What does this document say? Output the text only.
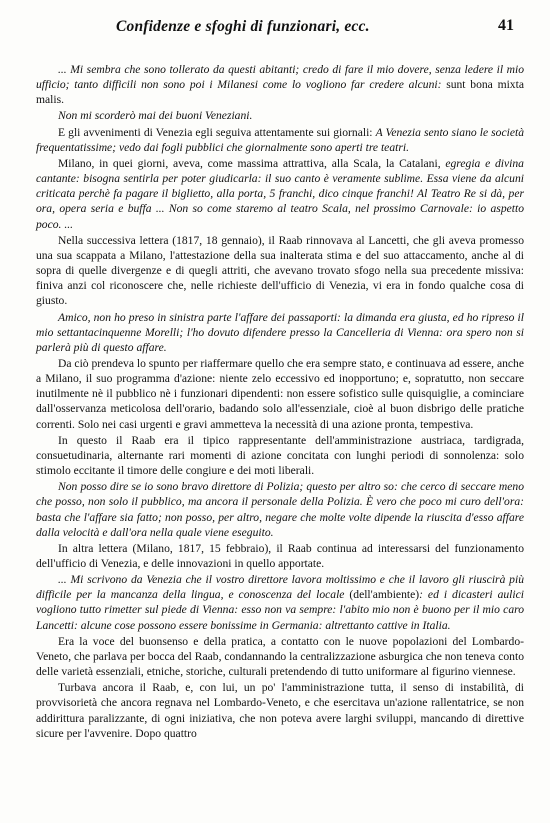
Confidenze e sfoghi di funzionari, ecc.	41

... Mi sembra che sono tollerato da questi abitanti; credo di fare il mio dovere, senza ledere il mio ufficio; tanto difficili non sono poi i Milanesi come lo vogliono far credere alcuni: sunt bona mixta malis.

Non mi scorderò mai dei buoni Veneziani.

E gli avvenimenti di Venezia egli seguiva attentamente sui giornali: A Venezia sento siano le società frequentatissime; vedo dai fogli pubblici che giornalmente sono aperti tre teatri.

Milano, in quei giorni, aveva, come massima attrattiva, alla Scala, la Catalani, egregia e divina cantante: bisogna sentirla per poter giudicarla: il suo canto è veramente sublime. Essa viene da alcuni criticata perchè fa pagare il biglietto, alla porta, 5 franchi, dico cinque franchi! Al Teatro Re si dà, per ora, opera seria e buffa ... Non so come staremo al teatro Scala, nel prossimo Carnovale: io aspetto poco. ...

Nella successiva lettera (1817, 18 gennaio), il Raab rinnovava al Lancetti, che gli aveva promesso una sua scappata a Milano, l'attestazione della sua inalterata stima e del suo attaccamento, anche al di sopra di quelle divergenze e di quegli attriti, che avevano trovato sfogo nella sua precedente missiva: finiva anzi col riconoscere che, nelle richieste dell'ufficio di Venezia, vi era in fondo qualche cosa di giusto.

Amico, non ho preso in sinistra parte l'affare dei passaporti: la dimanda era giusta, ed ho ripreso il mio settantacinquenne Morelli; l'ho dovuto difendere presso la Cancelleria di Vienna: ora spero non si parlerà più di questo affare.

Da ciò prendeva lo spunto per riaffermare quello che era sempre stato, e continuava ad essere, anche a Milano, il suo programma d'azione: niente zelo eccessivo ed inopportuno; e, sopratutto, non seccare inutilmente nè il pubblico nè i funzionari dipendenti: non essere sofistico sulle quisquiglie, a cominciare dall'osservanza meticolosa dell'orario, badando solo all'essenziale, cioè al buon disbrigo delle pratiche correnti. Solo nei casi urgenti e gravi ammetteva la necessità di una azione pronta, tempestiva.

In questo il Raab era il tipico rappresentante dell'amministrazione austriaca, tardigrada, consuetudinaria, alternante rari momenti di azione concitata con lunghi periodi di sonnolenza: solo stimolo eccitante il timore delle congiure e dei moti liberali.

Non posso dire se io sono bravo direttore di Polizia; questo per altro so: che cerco di seccare meno che posso, non solo il pubblico, ma ancora il personale della Polizia. È vero che poco mi curo dell'ora: basta che l'affare sia fatto; non posso, per altro, negare che molte volte dipende la riuscita d'esso affare dalla velocità e dall'ora nella quale viene eseguito.

In altra lettera (Milano, 1817, 15 febbraio), il Raab continua ad interessarsi del funzionamento dell'ufficio di Venezia, e delle innovazioni in quello apportate.

... Mi scrivono da Venezia che il vostro direttore lavora moltissimo e che il lavoro gli riuscirà più difficile per la mancanza della lingua, e conoscenza del locale (dell'ambiente): ed i dicasteri aulici vogliono tutto rimetter sul piede di Vienna: esso non va sempre: l'abito mio non è buono per il mio caro Lancetti: alcune cose possono essere bonissime in Germania: altrettanto cattive in Italia.

Era la voce del buonsenso e della pratica, a contatto con le nuove popolazioni del Lombardo-Veneto, che parlava per bocca del Raab, condannando la centralizzazione asburgica che non teneva conto delle varietà essenziali, etniche, storiche, culturali pretendendo di tutto uniformare al figurino viennese.

Turbava ancora il Raab, e, con lui, un po' l'amministrazione tutta, il senso di instabilità, di provvisorietà che ancora regnava nel Lombardo-Veneto, e che esercitava un'azione rallentatrice, se non addirittura paralizzante, di ogni iniziativa, che non poteva avere larghi sviluppi, mancando di direttive sicure per l'avvenire. Dopo quattro
